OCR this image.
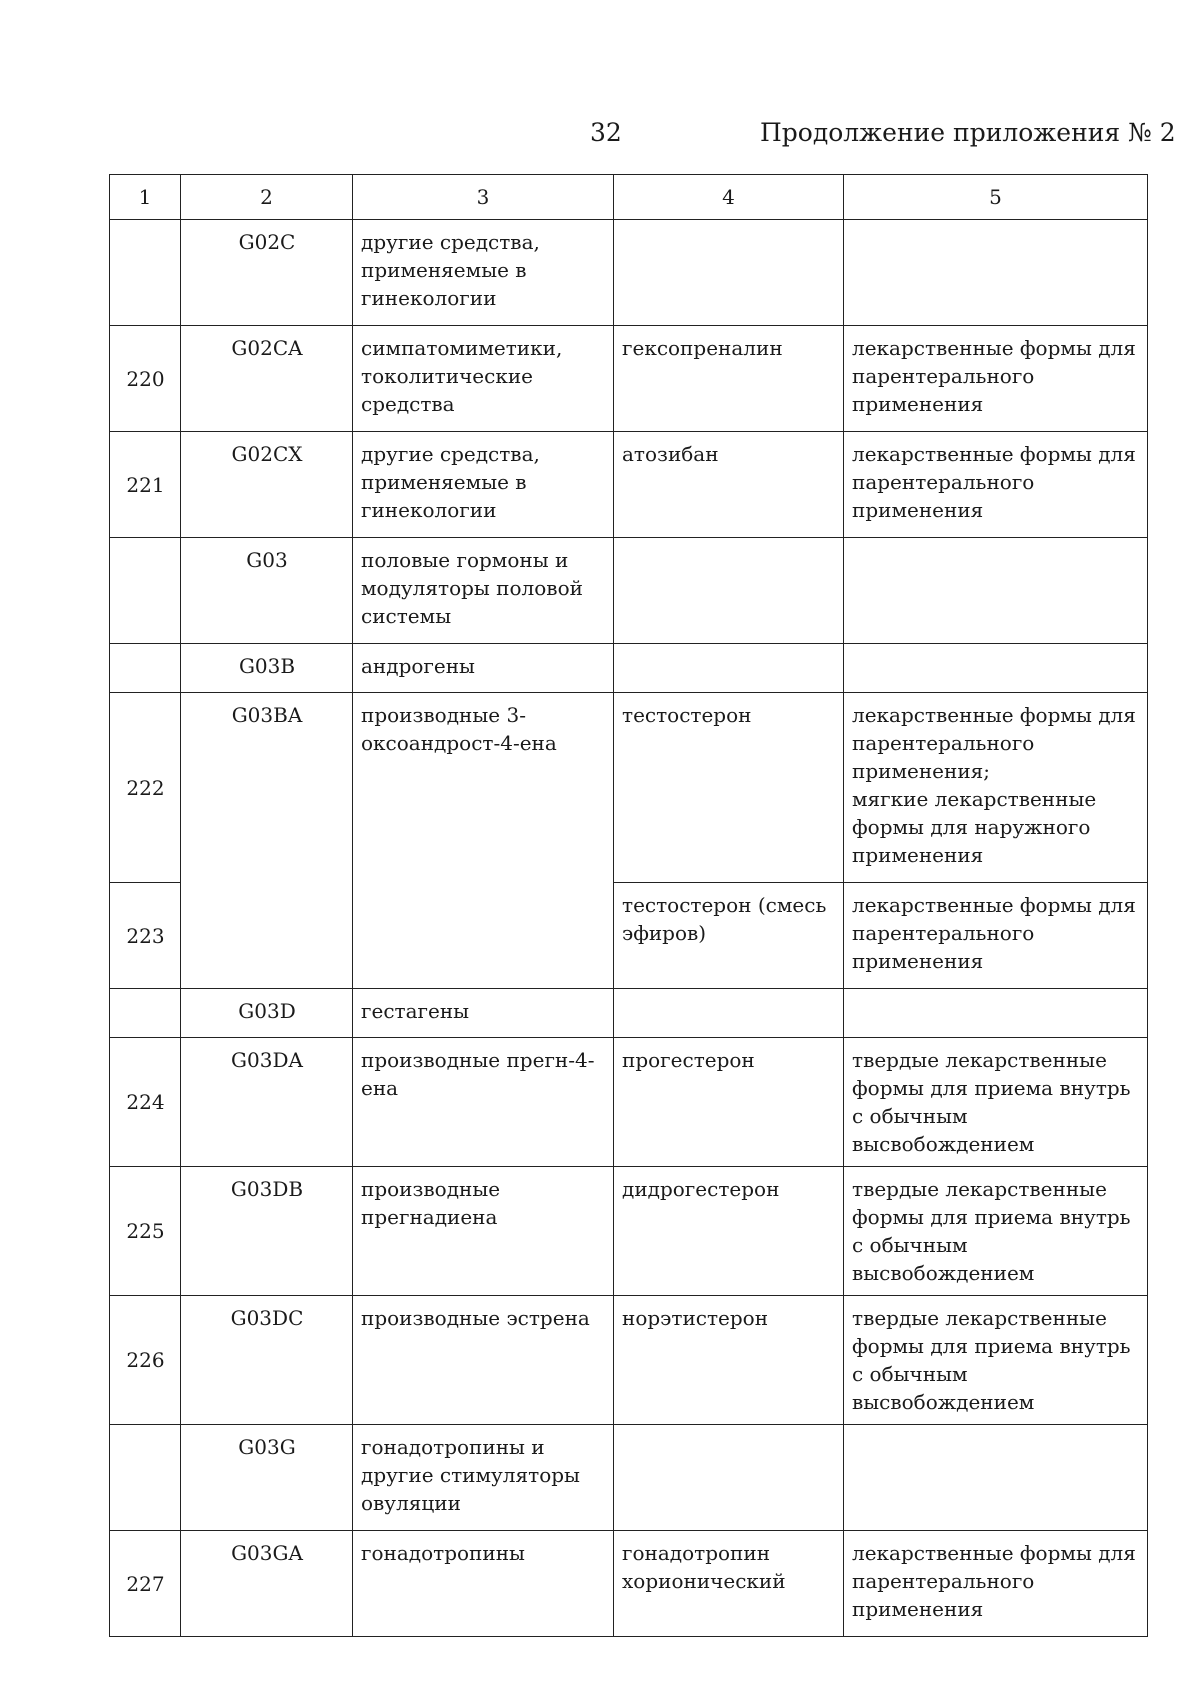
32	Продолжение приложения № 2
1	2	3	4	5
	G02C	другие средства, применяемые в гинекологии		

220	G02CA	симпатомиметики, токолитические средства	гексопреналин	лекарственные формы для парентерального применения

221	G02CX	другие средства, применяемые в гинекологии	атозибан	лекарственные формы для парентерального применения

	G03	половые гормоны и модуляторы половой системы		

	G03B	андрогены		

222	G03BA	производные 3-оксоандрост-4-ена	тестостерон	лекарственные формы для парентерального применения;
мягкие лекарственные формы для наружного применения

223			тестостерон (смесь эфиров)	лекарственные формы для парентерального применения

	G03D	гестагены		

224	G03DA	производные прегн-4-ена	прогестерон	твердые лекарственные формы для приема внутрь с обычным высвобождением

225	G03DB	производные прегнадиена	дидрогестерон	твердые лекарственные формы для приема внутрь с обычным высвобождением

226	G03DC	производные эстрена	норэтистерон	твердые лекарственные формы для приема внутрь с обычным высвобождением

	G03G	гонадотропины и другие стимуляторы овуляции		

227	G03GA	гонадотропины	гонадотропин хорионический	лекарственные формы для парентерального применения
